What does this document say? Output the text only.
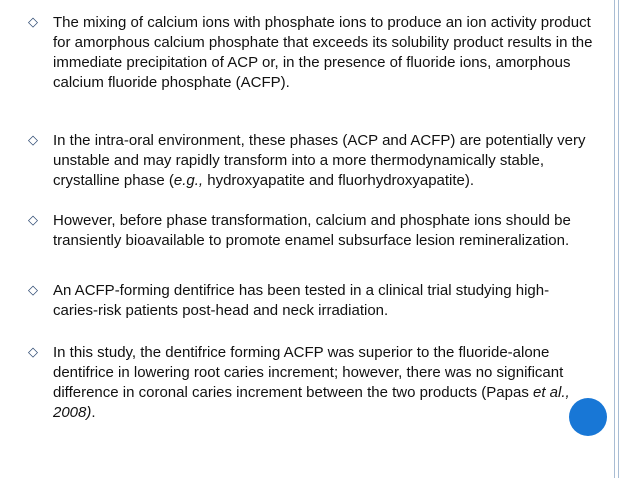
◇ The mixing of calcium ions with phosphate ions to produce an ion activity product for amorphous calcium phosphate that exceeds its solubility product results in the immediate precipitation of ACP or, in the presence of fluoride ions, amorphous calcium fluoride phosphate (ACFP).
◇ In the intra-oral environment, these phases (ACP and ACFP) are potentially very unstable and may rapidly transform into a more thermodynamically stable, crystalline phase (e.g., hydroxyapatite and fluorhydroxyapatite).
◇ However, before phase transformation, calcium and phosphate ions should be transiently bioavailable to promote enamel subsurface lesion remineralization.
◇ An ACFP-forming dentifrice has been tested in a clinical trial studying high-caries-risk patients post-head and neck irradiation.
◇ In this study, the dentifrice forming ACFP was superior to the fluoride-alone dentifrice in lowering root caries increment; however, there was no significant difference in coronal caries increment between the two products (Papas et al., 2008).
